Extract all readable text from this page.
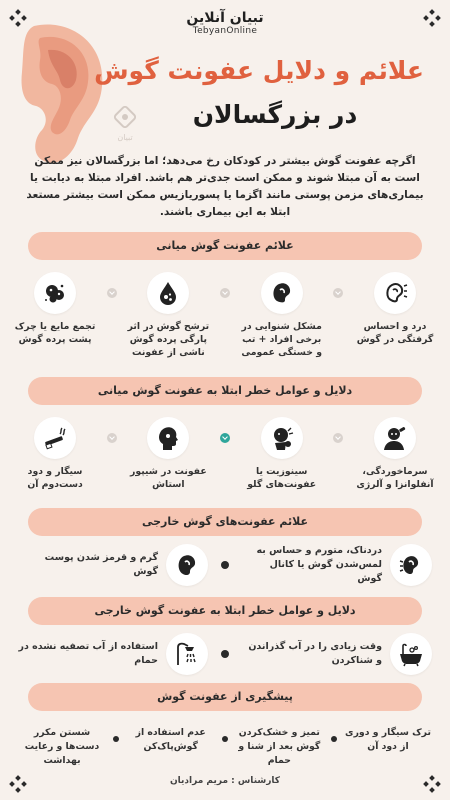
تبیان آنلاین
TebyanOnline
تبیان
علائم و دلایل عفونت گوش
در بزرگسالان
اگرچه عفونت گوش بیشتر در کودکان رخ می‌دهد؛ اما بزرگسالان نیز ممکن است به آن مبتلا شوند و ممکن است جدی‌تر هم باشد. افراد مبتلا به دیابت یا بیماری‌های مزمن پوستی مانند اگزما یا پسوریازیس ممکن است بیشتر مستعد ابتلا به این بیماری باشند.
علائم عفونت گوش میانی
درد و احساس گرفتگی در گوش
مشکل شنوایی در برخی افراد + تب و خستگی عمومی
ترشح گوش در اثر پارگی پرده گوش ناشی از عفونت
تجمع مایع یا چرک پشت پرده گوش
دلایل و عوامل خطر ابتلا به عفونت گوش میانی
سرماخوردگی، آنفلوانزا و آلرژی
سینوزیت یا عفونت‌های گلو
عفونت در شیپور استاش
سیگار و دود دست‌دوم آن
علائم عفونت‌های گوش خارجی
دردناک، متورم و حساس به لمس‌شدن گوش یا کانال گوش
گرم و قرمز شدن پوست گوش
دلایل و عوامل خطر ابتلا به عفونت گوش خارجی
وقت زیادی را در آب گذراندن و شناکردن
استفاده از آب تصفیه نشده در حمام
پیشگیری از عفونت گوش
ترک سیگار و دوری از دود آن
تمیز و خشک‌کردن گوش بعد از شنا و حمام
عدم استفاده از گوش‌پاک‌کن
شستن مکرر دست‌ها و رعایت بهداشت
کارشناس : مریم مرادیان
